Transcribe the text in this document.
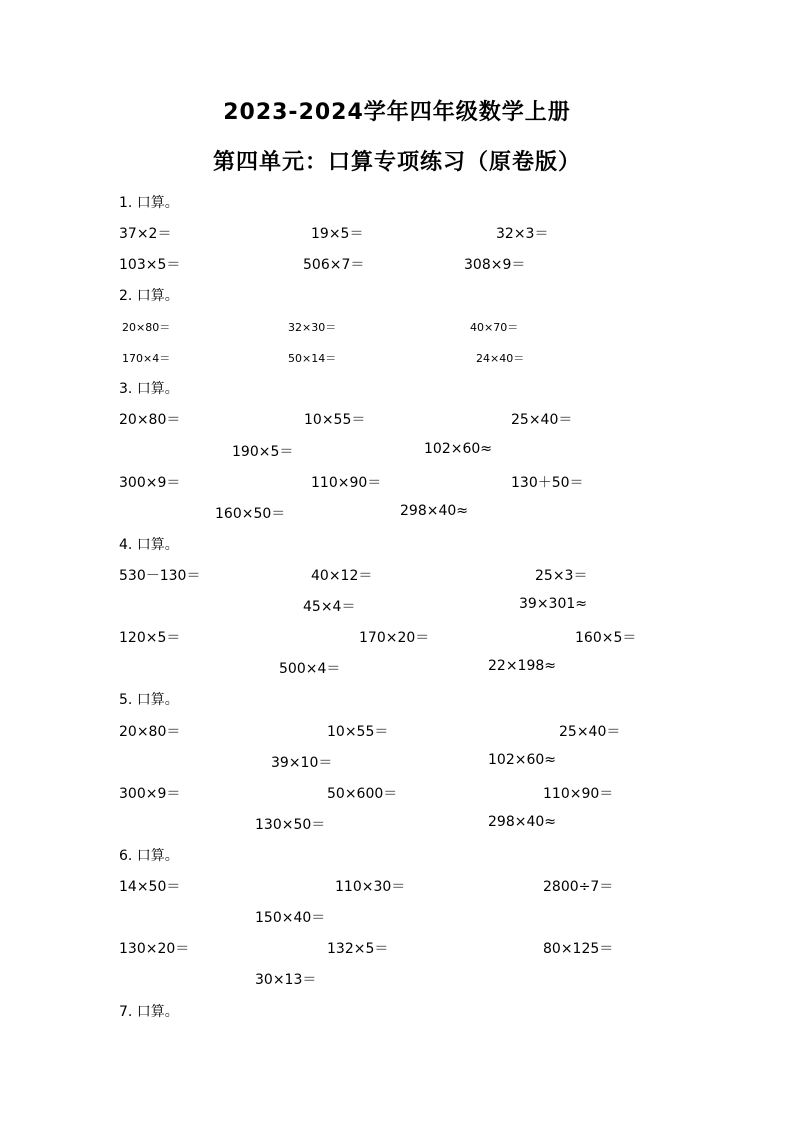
2023-2024学年四年级数学上册
第四单元：口算专项练习（原卷版）
1. 口算。
37×2＝	19×5＝	32×3＝
103×5＝	506×7＝	308×9＝
2. 口算。
20×80＝	32×30＝	40×70＝
170×4＝	50×14＝	24×40＝
3. 口算。
20×80＝	10×55＝	25×40＝
190×5＝	102×60≈
300×9＝	110×90＝	130＋50＝
160×50＝	298×40≈
4. 口算。
530－130＝	40×12＝	25×3＝
45×4＝	39×301≈
120×5＝	170×20＝	160×5＝
500×4＝	22×198≈
5. 口算。
20×80＝	10×55＝	25×40＝
39×10＝	102×60≈
300×9＝	50×600＝	110×90＝
130×50＝	298×40≈
6. 口算。
14×50＝	110×30＝	2800÷7＝
150×40＝
130×20＝	132×5＝	80×125＝
30×13＝
7. 口算。
